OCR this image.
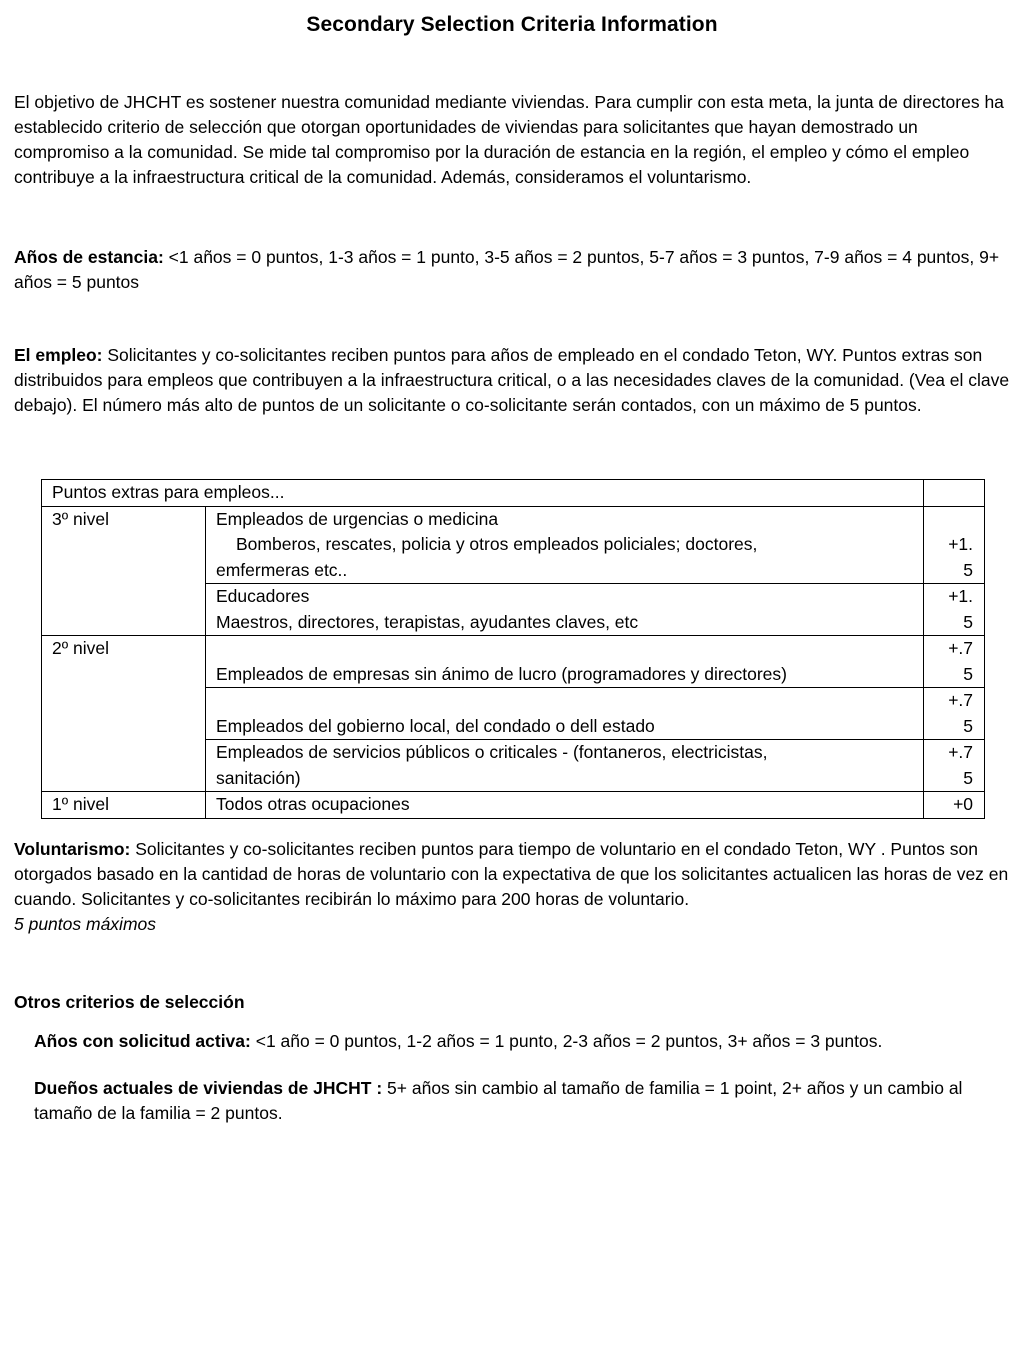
Secondary Selection Criteria Information
El objetivo de JHCHT es sostener nuestra comunidad mediante viviendas. Para cumplir con esta meta, la junta de directores ha establecido criterio de selección que otorgan oportunidades de viviendas para solicitantes que hayan demostrado un compromiso a la comunidad. Se mide tal compromiso por la duración de estancia en la región, el empleo y cómo el empleo contribuye a la infraestructura critical de la comunidad. Además, consideramos el voluntarismo.
Años de estancia: <1 años = 0 puntos, 1-3 años = 1 punto, 3-5 años = 2 puntos, 5-7 años = 3 puntos, 7-9 años = 4 puntos, 9+ años = 5 puntos
El empleo: Solicitantes y co-solicitantes reciben puntos para años de empleado en el condado Teton, WY. Puntos extras son distribuidos para empleos que contribuyen a la infraestructura critical, o a las necesidades claves de la comunidad. (Vea el clave debajo). El número más alto de puntos de un solicitante o co-solicitante serán contados, con un máximo de 5 puntos.
Puntos extras para empleos...		
3º nivel	Empleados de urgencias o medicina

Bomberos, rescates, policia y otros empleados policiales; doctores,
emfermeras etc..	+1.
5
	Educadores
Maestros, directores, terapistas, ayudantes claves, etc	+1.
5
2º nivel	Empleados de empresas sin ánimo de lucro (programadores y directores)	+.7
5
	Empleados del gobierno local, del condado o dell estado	+.7
5
	Empleados de servicios públicos o criticales - (fontaneros, electricistas,
sanitación)	+.7
5
1º nivel	Todos otras ocupaciones	+0
Voluntarismo: Solicitantes y co-solicitantes reciben puntos para tiempo de voluntario en el condado Teton, WY . Puntos son otorgados basado en la cantidad de horas de voluntario con la expectativa de que los solicitantes actualicen las horas de vez en cuando. Solicitantes y co-solicitantes recibirán lo máximo para 200 horas de voluntario.
5 puntos máximos
Otros criterios de selección
Años con solicitud activa: <1 año = 0 puntos, 1-2 años = 1 punto, 2-3 años = 2 puntos, 3+ años = 3 puntos.
Dueños actuales de viviendas de JHCHT : 5+ años sin cambio al tamaño de familia = 1 point, 2+ años y un cambio al tamaño de la familia = 2 puntos.
